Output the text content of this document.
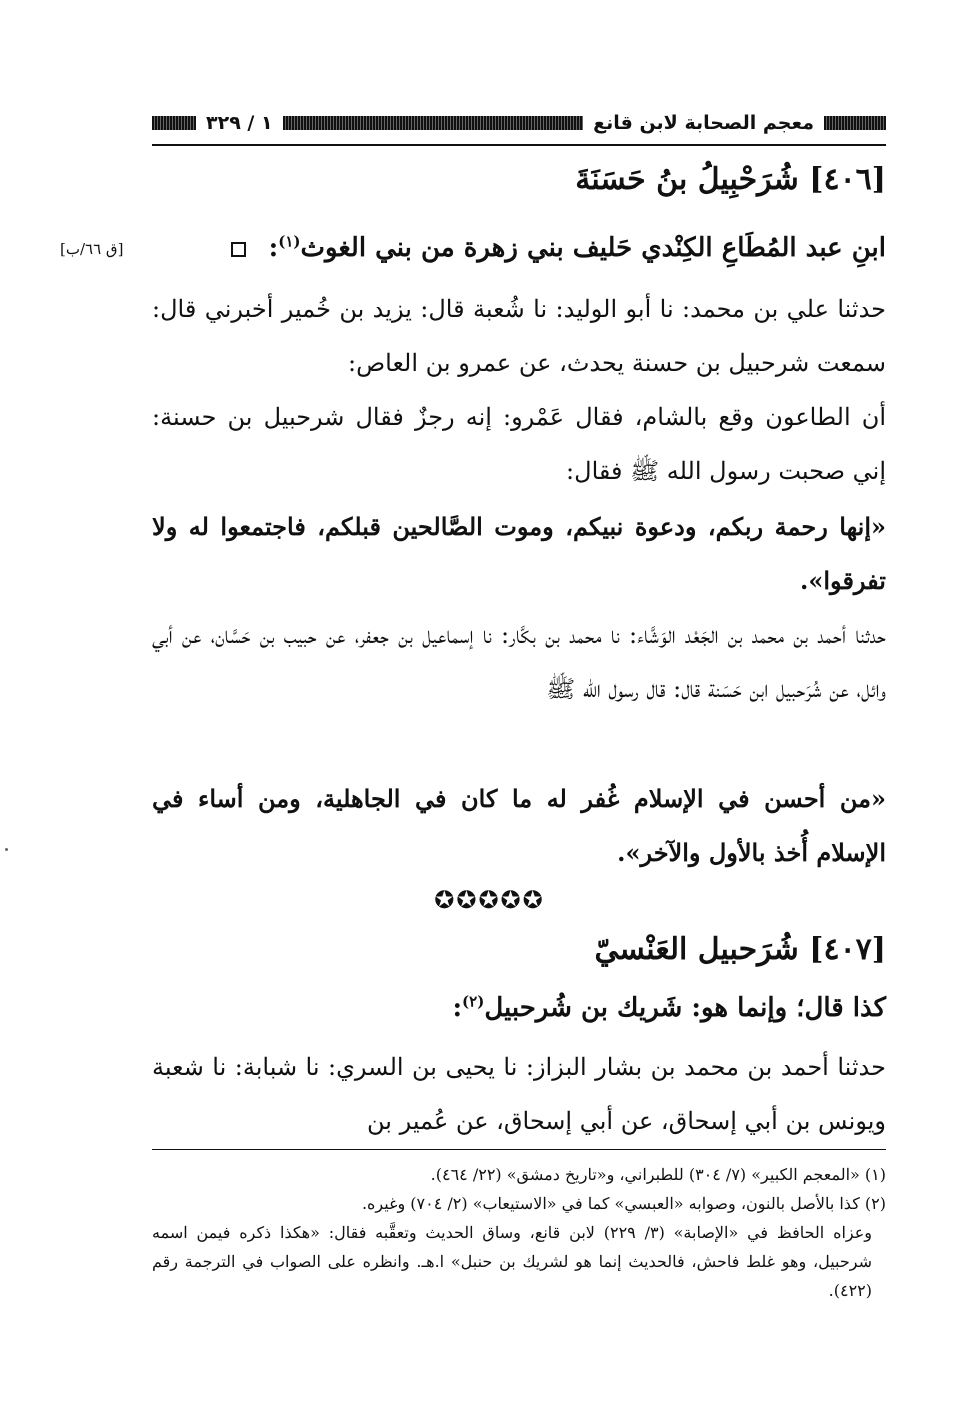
معجم الصحابة لابن قانع
١ / ٣٢٩
[٤٠٦] شُرَحْبِيلُ بنُ حَسَنَةَ
ابنِ عبد المُطَاعِ الكِنْدي حَليف بني زهرة من بني الغوث$^{(١)}$:
[ق ٦٦/ب]
حدثنا علي بن محمد: نا أبو الوليد: نا شُعبة قال: يزيد بن خُمير أخبرني قال: سمعت شرحبيل بن حسنة يحدث، عن عمرو بن العاص:
أن الطاعون وقع بالشام، فقال عَمْرو: إنه رجزٌ فقال شرحبيل بن حسنة: إني صحبت رسول الله ﷺ فقال:
«إنها رحمة ربكم، ودعوة نبيكم، وموت الصَّالحين قبلكم، فاجتمعوا له ولا تفرقوا».
حدثنا أحمد بن محمد بن الجَعْد الوَشَّاء: نا محمد بن بكَّار: نا إسماعيل بن جعفر، عن حبيب بن حَسَّان، عن أبي وائل، عن شُرَحبيل ابن حَسَنة قال: قال رسول الله ﷺ
«من أحسن في الإسلام غُفر له ما كان في الجاهلية، ومن أساء في الإسلام أُخذ بالأول والآخر».
✪✪✪✪✪
[٤٠٧] شُرَحبيل العَنْسيّ
كذا قال؛ وإنما هو: شَريك بن شُرحبيل$^{(٢)}$:
حدثنا أحمد بن محمد بن بشار البزاز: نا يحيى بن السري: نا شبابة: نا شعبة ويونس بن أبي إسحاق، عن أبي إسحاق، عن عُمير بن
(١) «المعجم الكبير» (٧/ ٣٠٤) للطبراني، و«تاريخ دمشق» (٢٢/ ٤٦٤).
(٢) كذا بالأصل بالنون، وصوابه «العبسي» كما في «الاستيعاب» (٢/ ٧٠٤) وغيره.
وعزاه الحافظ في «الإصابة» (٣/ ٢٢٩) لابن قانع، وساق الحديث وتعقَّبه فقال: «هكذا ذكره فيمن اسمه شرحبيل، وهو غلط فاحش، فالحديث إنما هو لشريك بن حنبل» ا.هـ. وانظره على الصواب في الترجمة رقم (٤٢٢).
